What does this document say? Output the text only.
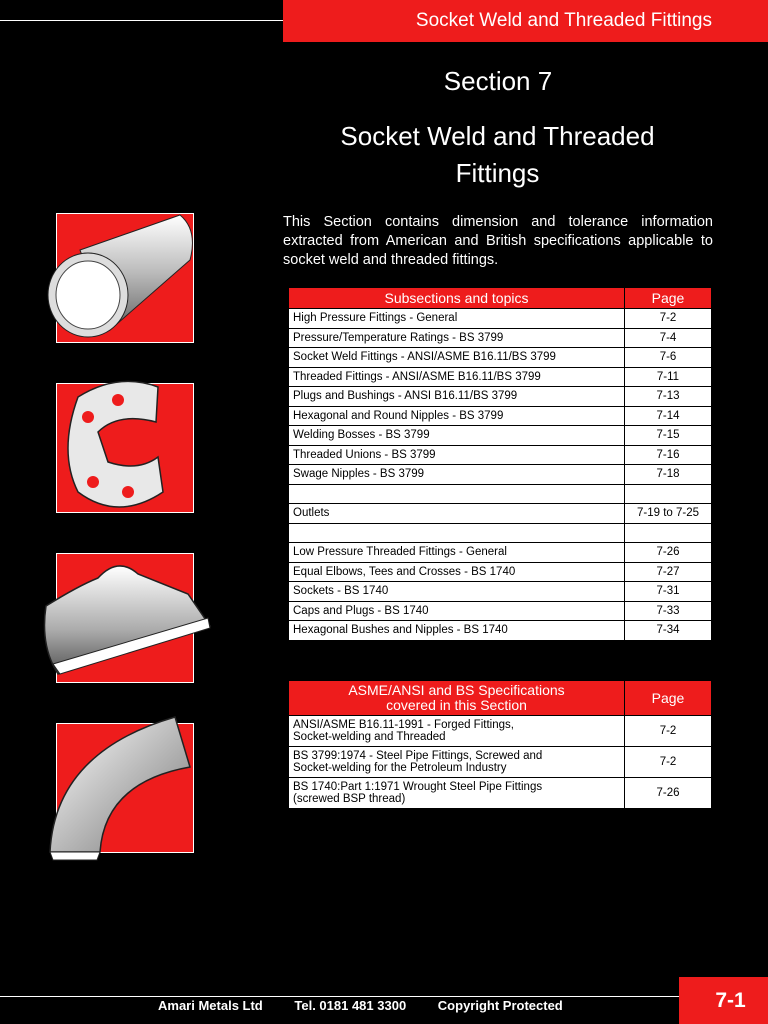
Socket Weld and Threaded Fittings
Section 7
Socket Weld and Threaded Fittings
This Section contains dimension and tolerance information extracted from American and British specifications applicable to socket weld and threaded fittings.
Subsections and topics	Page
High Pressure Fittings - General	7-2
Pressure/Temperature Ratings - BS 3799	7-4
Socket Weld Fittings - ANSI/ASME B16.11/BS 3799	7-6
Threaded Fittings - ANSI/ASME B16.11/BS 3799	7-11
Plugs and Bushings - ANSI B16.11/BS 3799	7-13
Hexagonal and Round Nipples - BS 3799	7-14
Welding Bosses - BS 3799	7-15
Threaded Unions - BS 3799	7-16
Swage Nipples - BS 3799	7-18

Outlets	7-19 to 7-25

Low Pressure Threaded Fittings - General	7-26
Equal Elbows, Tees and Crosses - BS 1740	7-27
Sockets - BS 1740	7-31
Caps and Plugs - BS 1740	7-33
Hexagonal Bushes and Nipples - BS 1740	7-34
ASME/ANSI and BS Specifications
covered in this Section	Page

ANSI/ASME B16.11-1991 - Forged Fittings,
Socket-welding and Threaded	7-2

BS 3799:1974 - Steel Pipe Fittings, Screwed and
Socket-welding for the Petroleum Industry	7-2

BS 1740:Part 1:1971 Wrought Steel Pipe Fittings
(screwed BSP thread)	7-26
Amari Metals Ltd Tel. 0181 481 3300 Copyright Protected	7-1
